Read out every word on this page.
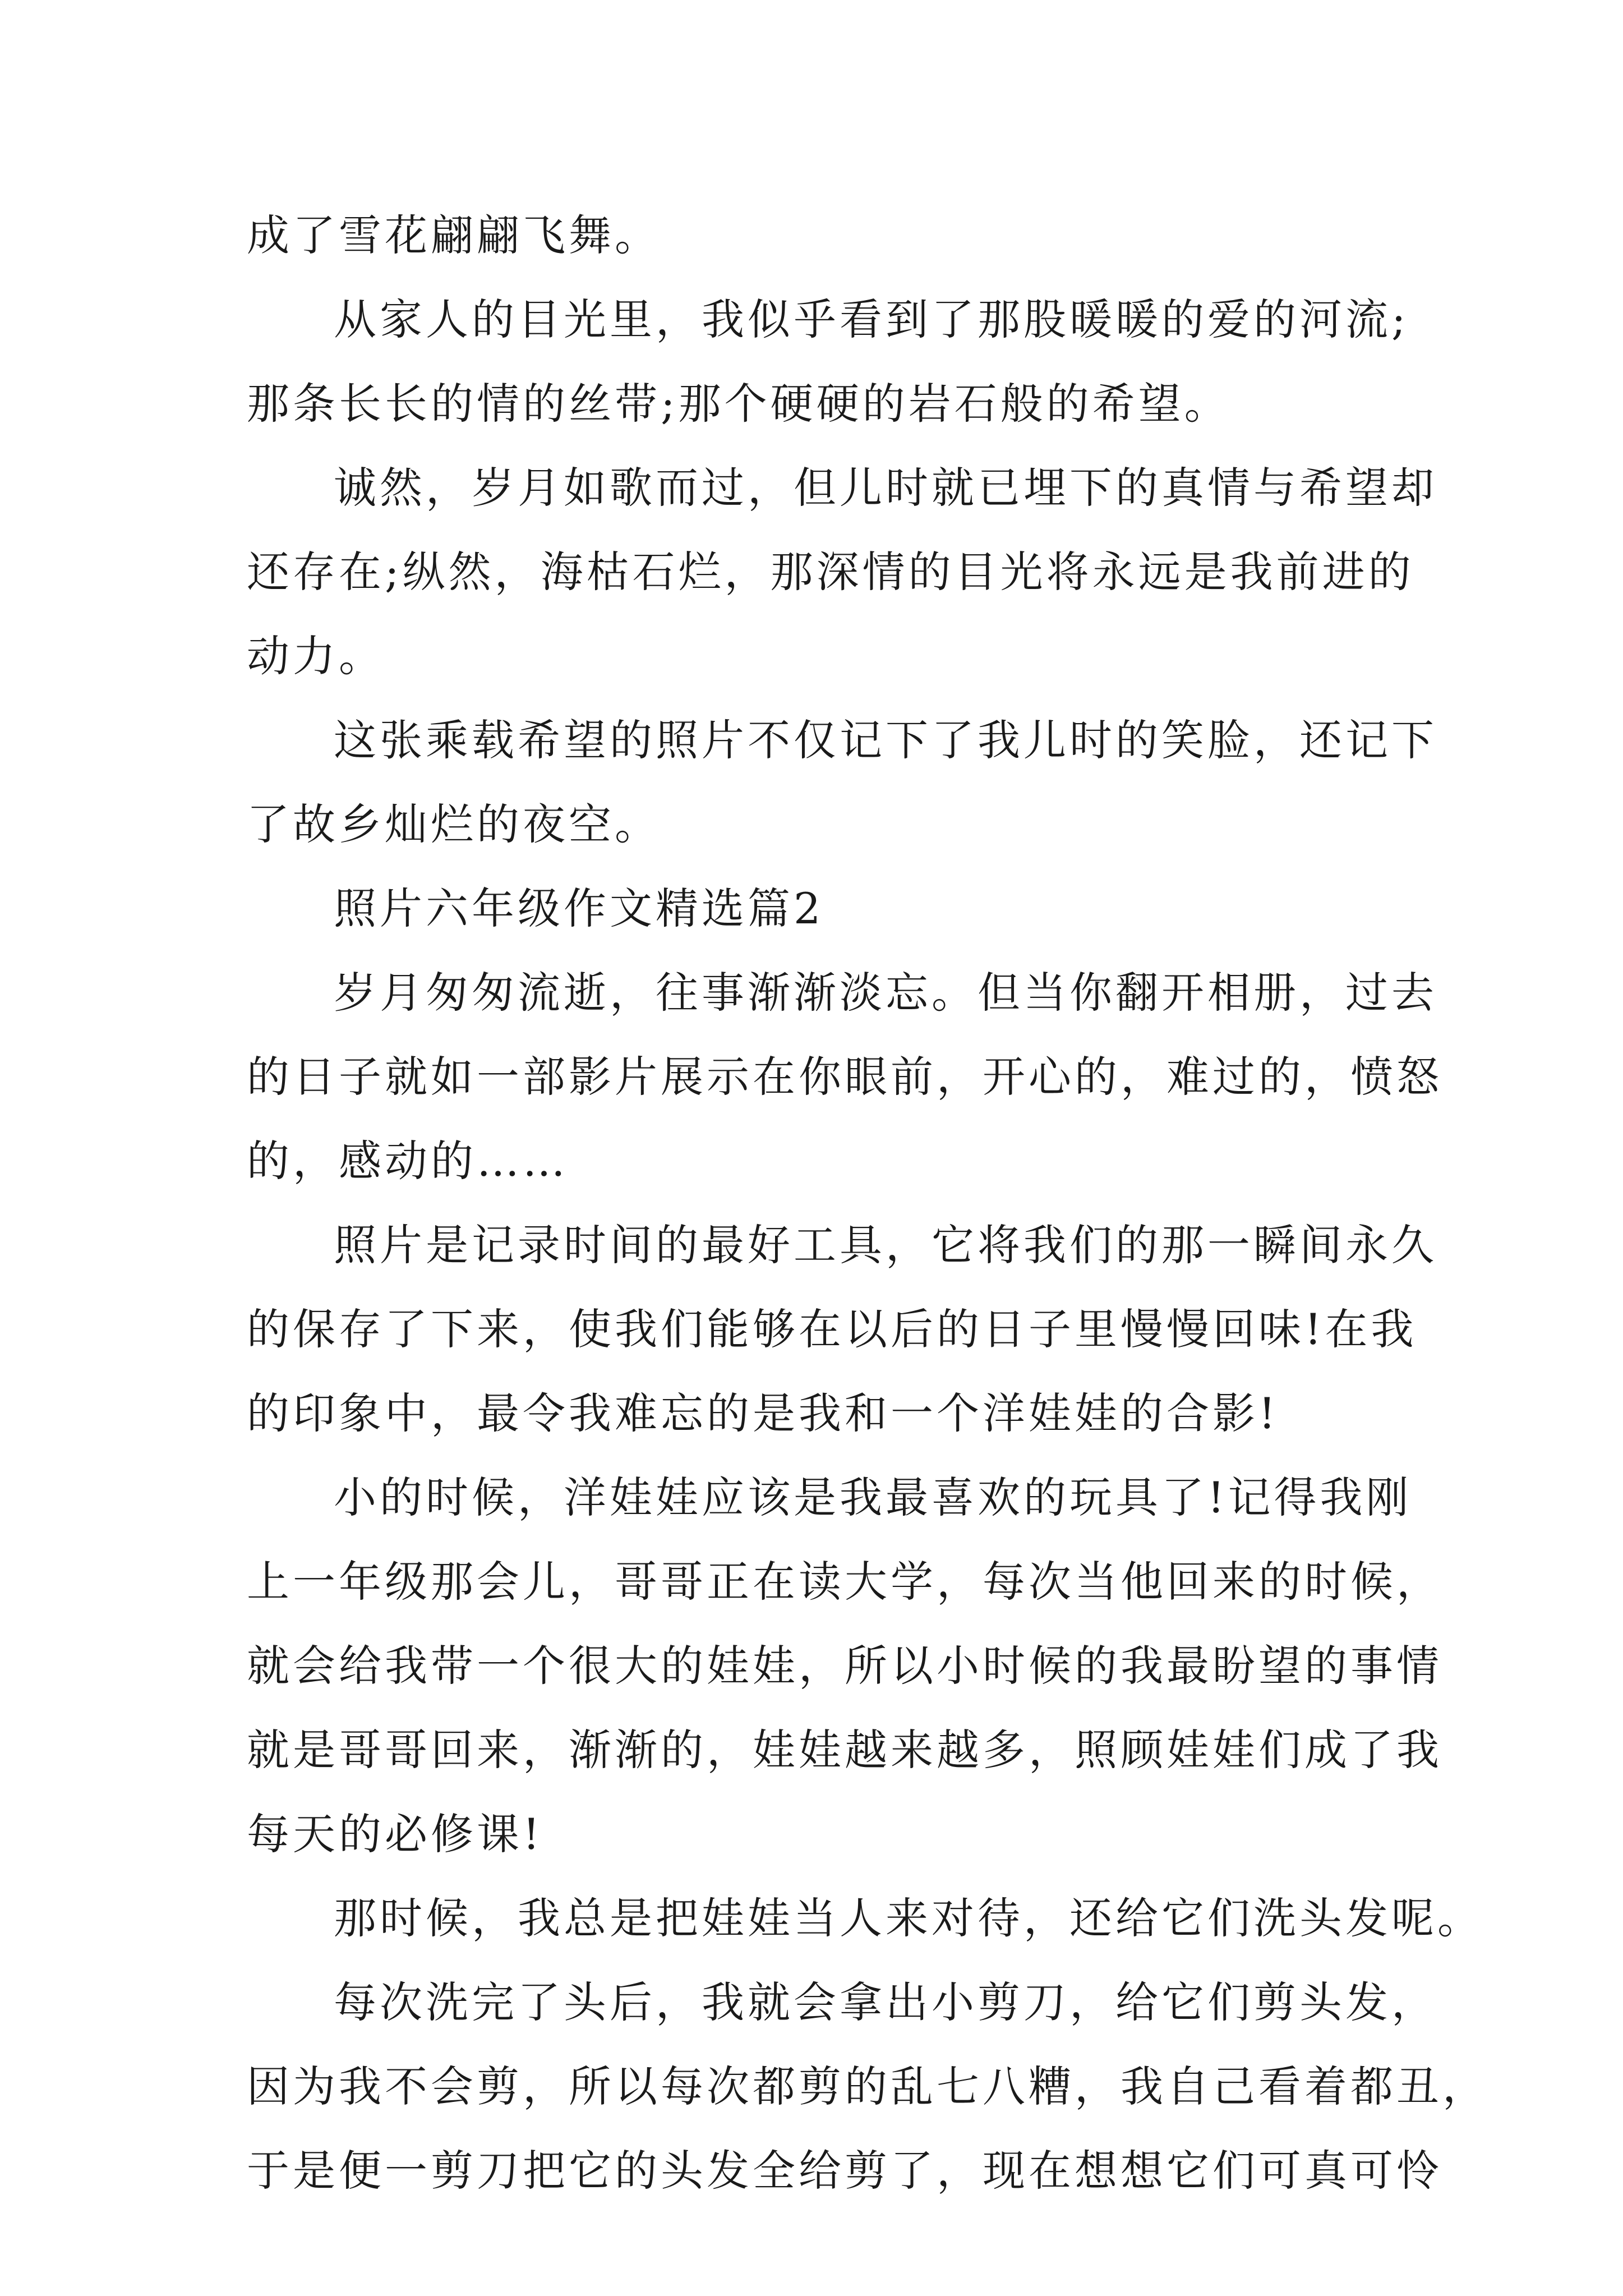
成了雪花翩翩飞舞。
从家人的目光里，我似乎看到了那股暖暖的爱的河流;
那条长长的情的丝带;那个硬硬的岩石般的希望。
诚然，岁月如歌而过，但儿时就已埋下的真情与希望却
还存在;纵然，海枯石烂，那深情的目光将永远是我前进的
动力。
这张乘载希望的照片不仅记下了我儿时的笑脸，还记下
了故乡灿烂的夜空。
照片六年级作文精选篇2
岁月匆匆流逝，往事渐渐淡忘。但当你翻开相册，过去
的日子就如一部影片展示在你眼前，开心的，难过的，愤怒
的，感动的……
照片是记录时间的最好工具，它将我们的那一瞬间永久
的保存了下来，使我们能够在以后的日子里慢慢回味!在我
的印象中，最令我难忘的是我和一个洋娃娃的合影!
小的时候，洋娃娃应该是我最喜欢的玩具了!记得我刚
上一年级那会儿，哥哥正在读大学，每次当他回来的时候，
就会给我带一个很大的娃娃，所以小时候的我最盼望的事情
就是哥哥回来，渐渐的，娃娃越来越多，照顾娃娃们成了我
每天的必修课!
那时候，我总是把娃娃当人来对待，还给它们洗头发呢。
每次洗完了头后，我就会拿出小剪刀，给它们剪头发，
因为我不会剪，所以每次都剪的乱七八糟，我自己看着都丑，
于是便一剪刀把它的头发全给剪了，现在想想它们可真可怜
